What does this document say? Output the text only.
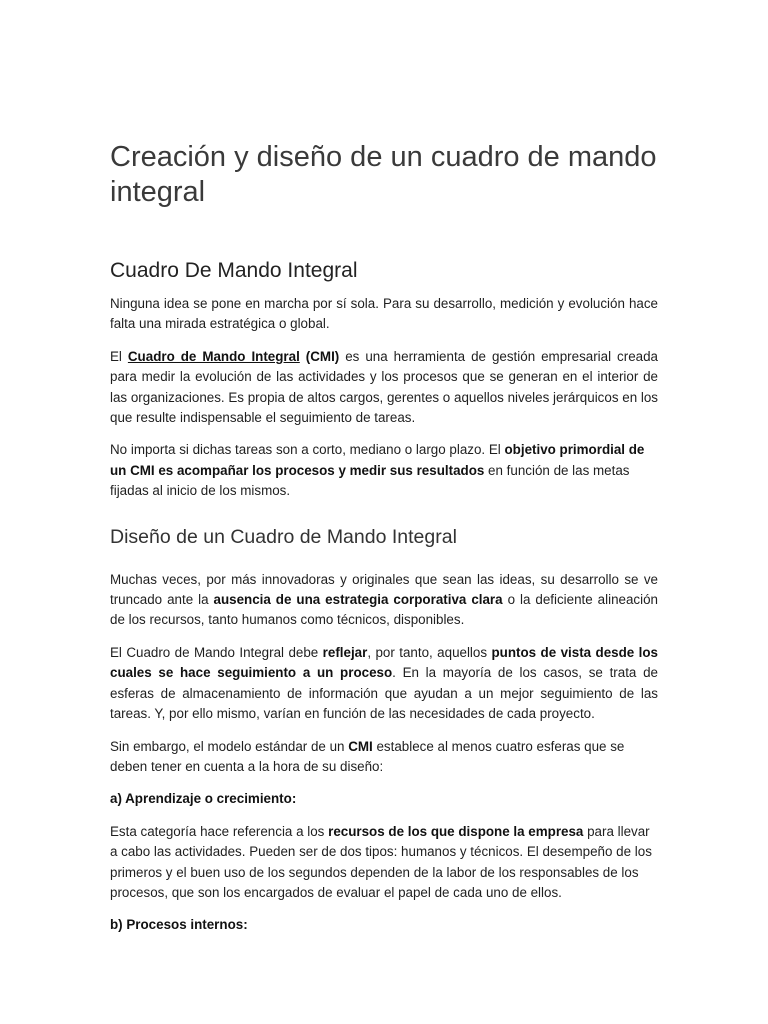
Creación y diseño de un cuadro de mando integral
Cuadro De Mando Integral

Ninguna idea se pone en marcha por sí sola. Para su desarrollo, medición y evolución hace falta una mirada estratégica o global.

El Cuadro de Mando Integral (CMI) es una herramienta de gestión empresarial creada para medir la evolución de las actividades y los procesos que se generan en el interior de las organizaciones. Es propia de altos cargos, gerentes o aquellos niveles jerárquicos en los que resulte indispensable el seguimiento de tareas.

No importa si dichas tareas son a corto, mediano o largo plazo. El objetivo primordial de un CMI es acompañar los procesos y medir sus resultados en función de las metas fijadas al inicio de los mismos.

Diseño de un Cuadro de Mando Integral

Muchas veces, por más innovadoras y originales que sean las ideas, su desarrollo se ve truncado ante la ausencia de una estrategia corporativa clara o la deficiente alineación de los recursos, tanto humanos como técnicos, disponibles.

El Cuadro de Mando Integral debe reflejar, por tanto, aquellos puntos de vista desde los cuales se hace seguimiento a un proceso. En la mayoría de los casos, se trata de esferas de almacenamiento de información que ayudan a un mejor seguimiento de las tareas. Y, por ello mismo, varían en función de las necesidades de cada proyecto.

Sin embargo, el modelo estándar de un CMI establece al menos cuatro esferas que se deben tener en cuenta a la hora de su diseño:

a) Aprendizaje o crecimiento:

Esta categoría hace referencia a los recursos de los que dispone la empresa para llevar a cabo las actividades. Pueden ser de dos tipos: humanos y técnicos. El desempeño de los primeros y el buen uso de los segundos dependen de la labor de los responsables de los procesos, que son los encargados de evaluar el papel de cada uno de ellos.

b) Procesos internos:
